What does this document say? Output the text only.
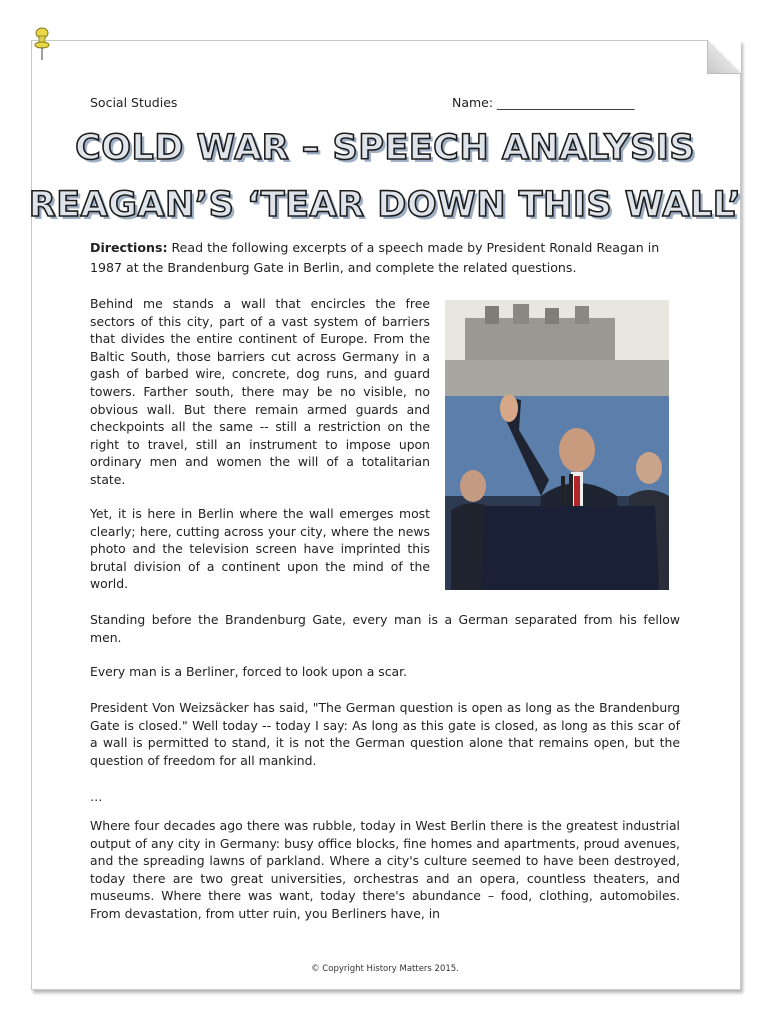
Social Studies	Name: ______________________
COLD WAR – SPEECH ANALYSIS
REAGAN’S ‘TEAR DOWN THIS WALL’
Directions: Read the following excerpts of a speech made by President Ronald Reagan in 1987 at the Brandenburg Gate in Berlin, and complete the related questions.
Behind me stands a wall that encircles the free sectors of this city, part of a vast system of barriers that divides the entire continent of Europe. From the Baltic South, those barriers cut across Germany in a gash of barbed wire, concrete, dog runs, and guard towers. Farther south, there may be no visible, no obvious wall. But there remain armed guards and checkpoints all the same -- still a restriction on the right to travel, still an instrument to impose upon ordinary men and women the will of a totalitarian state.
Yet, it is here in Berlin where the wall emerges most clearly; here, cutting across your city, where the news photo and the television screen have imprinted this brutal division of a continent upon the mind of the world.
Standing before the Brandenburg Gate, every man is a German separated from his fellow men.
Every man is a Berliner, forced to look upon a scar.
President Von Weizsäcker has said, "The German question is open as long as the Brandenburg Gate is closed." Well today -- today I say: As long as this gate is closed, as long as this scar of a wall is permitted to stand, it is not the German question alone that remains open, but the question of freedom for all mankind.
…
Where four decades ago there was rubble, today in West Berlin there is the greatest industrial output of any city in Germany: busy office blocks, fine homes and apartments, proud avenues, and the spreading lawns of parkland. Where a city's culture seemed to have been destroyed, today there are two great universities, orchestras and an opera, countless theaters, and museums. Where there was want, today there's abundance – food, clothing, automobiles. From devastation, from utter ruin, you Berliners have, in
© Copyright History Matters 2015.
